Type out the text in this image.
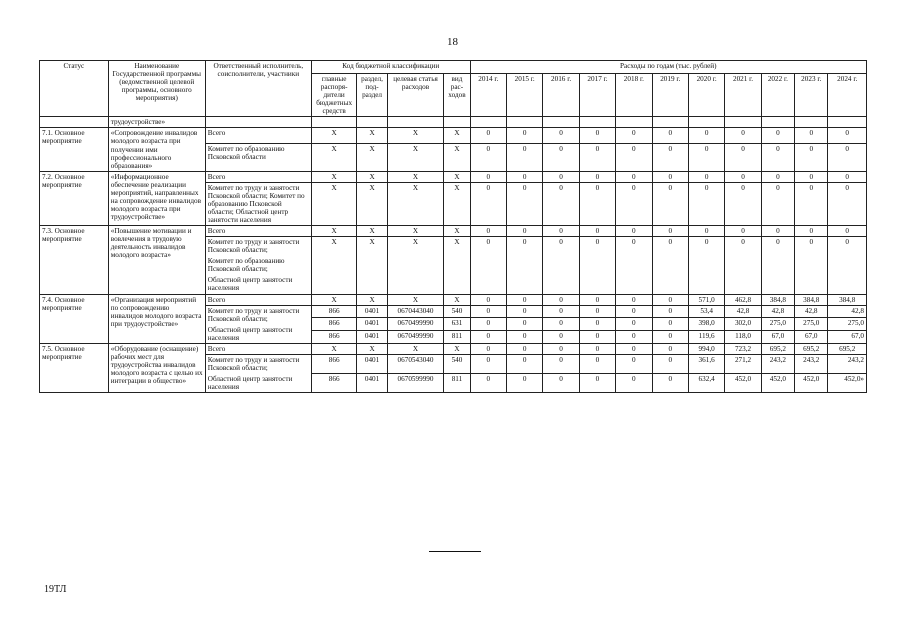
18
Статус	Наименование Государственной программы (ведомственной целевой программы, основного мероприятия)	Ответственный исполнитель, соисполнители, участники	Код бюджетной классификации				Расходы по годам (тыс. рублей)										
			главные распоря-дители бюджетных средств	раздел, под-раздел	целевая статья расходов	вид рас-ходов	2014 г.	2015 г.	2016 г.	2017 г.	2018 г.	2019 г.	2020 г.	2021 г.	2022 г.	2023 г.	2024 г.
	трудоустройстве»																
7.1. Основное мероприятие	«Сопровождение инвалидов молодого возраста при получении ими профессионального образования»	Всего	X	X	X	X	0	0	0	0	0	0	0	0	0	0	0

		Комитет по образованию Псковской области	X	X	X	X	0	0	0	0	0	0	0	0	0	0	0
7.2. Основное мероприятие	«Информационное обеспечение реализации мероприятий, направленных на сопровождение инвалидов молодого возраста при трудоустройстве»	Всего	X	X	X	X	0	0	0	0	0	0	0	0	0	0	0

		Комитет по труду и занятости Псковской области; Комитет по образованию Псковской области; Областной центр занятости населения	X	X	X	X	0	0	0	0	0	0	0	0	0	0	0
7.3. Основное мероприятие	«Повышение мотивации и вовлечения в трудовую деятельность инвалидов молодого возраста»	Всего	X	X	X	X	0	0	0	0	0	0	0	0	0	0	0

		Комитет по труду и занятости Псковской области;
Комитет по образованию Псковской области;
Областной центр занятости населения	X	X	X	X	0	0	0	0	0	0	0	0	0	0	0
7.4. Основное мероприятие	«Организация мероприятий по сопровождению инвалидов молодого возраста при трудоустройстве»	Всего	X	X	X	X	0	0	0	0	0	0	571,0	462,8	384,8	384,8	384,8

		Комитет по труду и занятости Псковской области;
Областной центр занятости населения	866	0401	0670443040	540	0	0	0	0	0	0	53,4	42,8	42,8	42,8	42,8
			866	0401	0670499990	631	0	0	0	0	0	0	398,0	302,0	275,0	275,0	275,0
			866	0401	0670499990	811	0	0	0	0	0	0	119,6	118,0	67,0	67,0	67,0
7.5. Основное мероприятие	«Оборудование (оснащение) рабочих мест для трудоустройства инвалидов молодого возраста с целью их интеграции в общество»	Всего	X	X	X	X	0	0	0	0	0	0	994,0	723,2	695,2	695,2	695,2

		Комитет по труду и занятости Псковской области;
Областной центр занятости населения	866	0401	0670543040	540	0	0	0	0	0	0	361,6	271,2	243,2	243,2	243,2
			866	0401	0670599990	811	0	0	0	0	0	0	632,4	452,0	452,0	452,0	452,0»
19ТЛ
